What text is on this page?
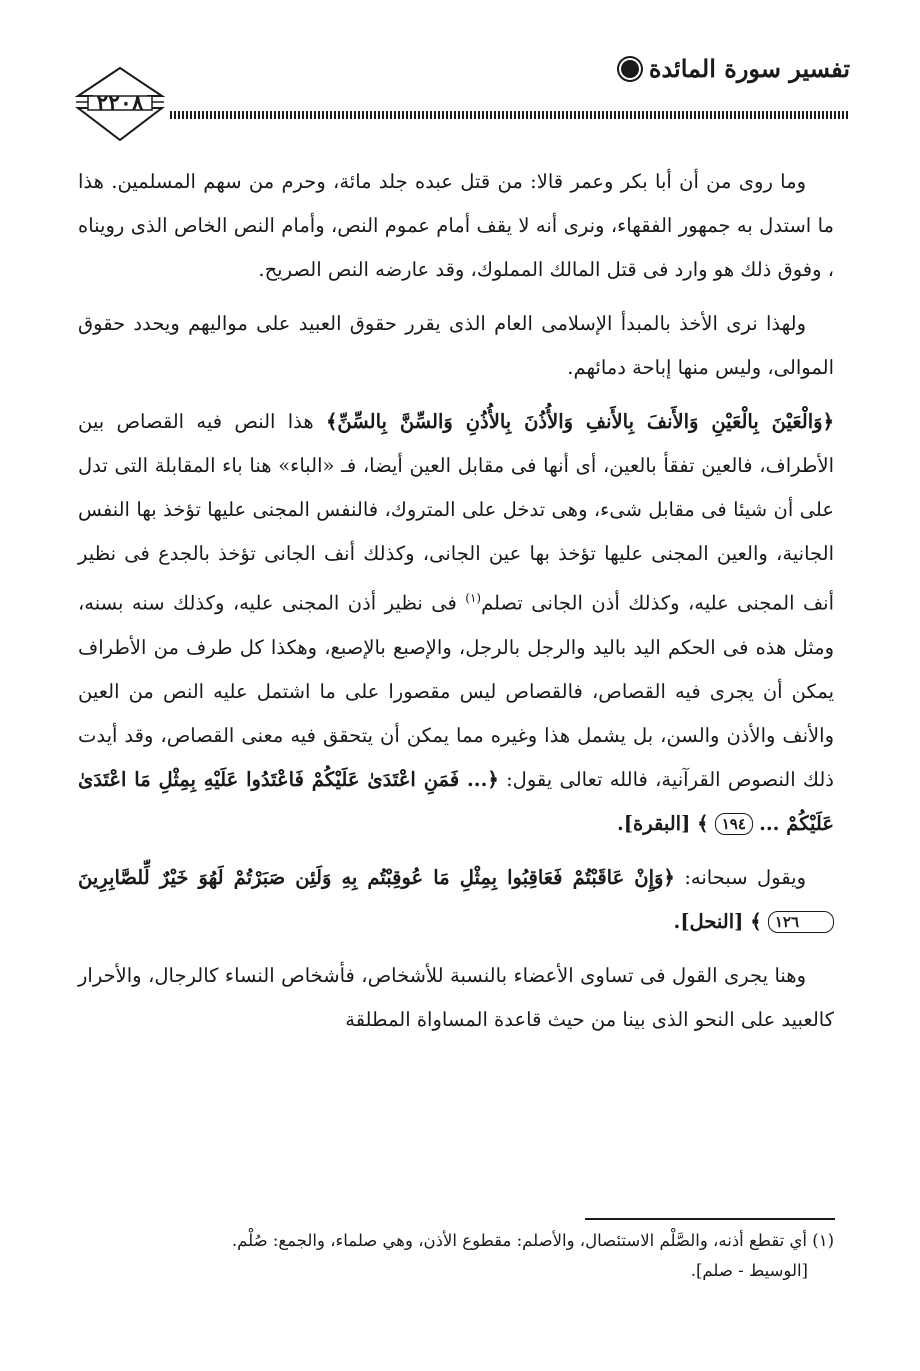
٢٢٠٨
تفسير سورة المائدة

وما روى من أن أبا بكر وعمر قالا: من قتل عبده جلد مائة، وحرم من سهم المسلمين. هذا ما استدل به جمهور الفقهاء، ونرى أنه لا يقف أمام عموم النص، وأمام النص الخاص الذى رويناه ، وفوق ذلك هو وارد فى قتل المالك المملوك، وقد عارضه النص الصريح.

ولهذا نرى الأخذ بالمبدأ الإسلامى العام الذى يقرر حقوق العبيد على مواليهم ويحدد حقوق الموالى، وليس منها إباحة دمائهم.

﴿وَالْعَيْنَ بِالْعَيْنِ وَالأَنفَ بِالأَنفِ وَالأُذُنَ بِالأُذُنِ وَالسِّنَّ بِالسِّنِّ﴾ هذا النص فيه القصاص بين الأطراف، فالعين تفقأ بالعين، أى أنها فى مقابل العين أيضا، فـ «الباء» هنا باء المقابلة التى تدل على أن شيئا فى مقابل شىء، وهى تدخل على المتروك، فالنفس المجنى عليها تؤخذ بها النفس الجانية، والعين المجنى عليها تؤخذ بها عين الجانى، وكذلك أنف الجانى تؤخذ بالجدع فى نظير أنف المجنى عليه، وكذلك أذن الجانى تصلم$^{(١)}$ فى نظير أذن المجنى عليه، وكذلك سنه بسنه، ومثل هذه فى الحكم اليد باليد والرجل بالرجل، والإصبع بالإصبع، وهكذا كل طرف من الأطراف يمكن أن يجرى فيه القصاص، فالقصاص ليس مقصورا على ما اشتمل عليه النص من العين والأنف والأذن والسن، بل يشمل هذا وغيره مما يمكن أن يتحقق فيه معنى القصاص، وقد أيدت ذلك النصوص القرآنية، فالله تعالى يقول: ﴿... فَمَنِ اعْتَدَىٰ عَلَيْكُمْ فَاعْتَدُوا عَلَيْهِ بِمِثْلِ مَا اعْتَدَىٰ عَلَيْكُمْ ... ١٩٤ ﴾ [البقرة].

ويقول سبحانه: ﴿وَإِنْ عَاقَبْتُمْ فَعَاقِبُوا بِمِثْلِ مَا عُوقِبْتُم بِهِ وَلَئِن صَبَرْتُمْ لَهُوَ خَيْرٌ لِّلصَّابِرِينَ ١٢٦ ﴾ [النحل].

وهنا يجرى القول فى تساوى الأعضاء بالنسبة للأشخاص، فأشخاص النساء كالرجال، والأحرار كالعبيد على النحو الذى بينا من حيث قاعدة المساواة المطلقة

(١) أي تقطع أذنه، والصَّلْم الاستئصال، والأصلم: مقطوع الأذن، وهي صلماء، والجمع: صُلْم.

[الوسيط - صلم].
